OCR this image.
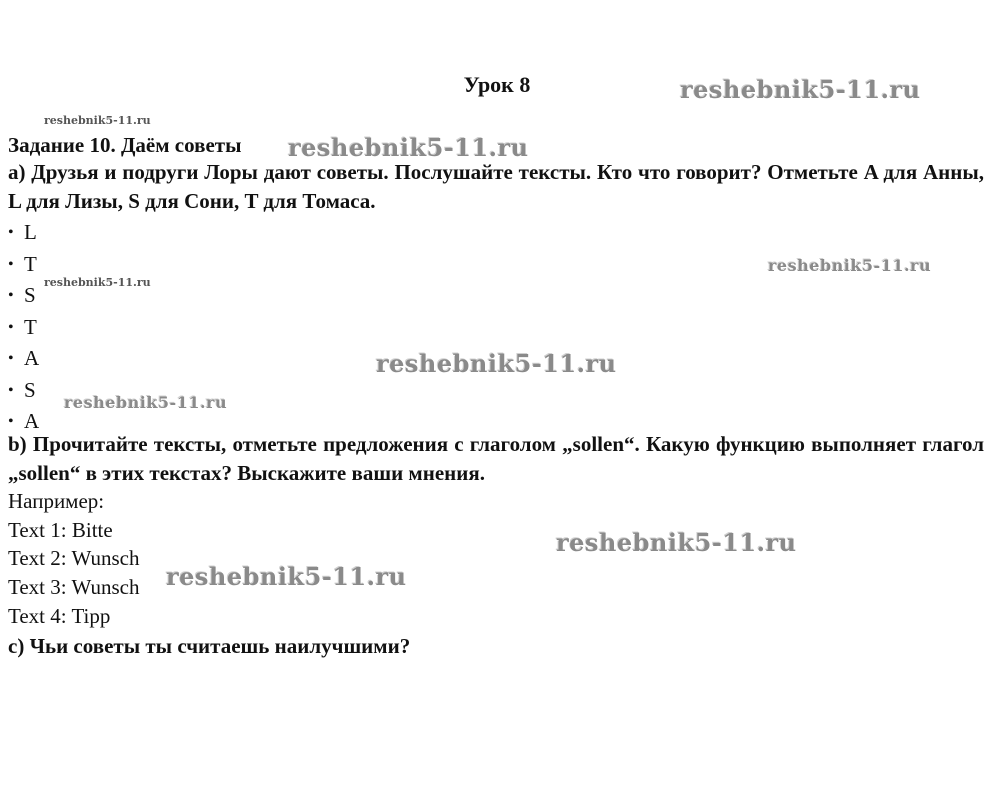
Урок 8
Задание 10. Даём советы
a) Друзья и подруги Лоры дают советы. Послушайте тексты. Кто что говорит? Отметьте A для Анны, L для Лизы, S для Сони, T для Томаса.
• L
• T
• S
• T
• A
• S
• A
b) Прочитайте тексты, отметьте предложения с глаголом „sollen“. Какую функцию выполняет глагол „sollen“ в этих текстах? Выскажите ваши мнения.
Например:
Text 1: Bitte
Text 2: Wunsch
Text 3: Wunsch
Text 4: Tipp
c) Чьи советы ты считаешь наилучшими?
reshebnik5-11.ru
reshebnik5-11.ru
reshebnik5-11.ru
reshebnik5-11.ru
reshebnik5-11.ru
reshebnik5-11.ru
reshebnik5-11.ru
reshebnik5-11.ru
reshebnik5-11.ru
